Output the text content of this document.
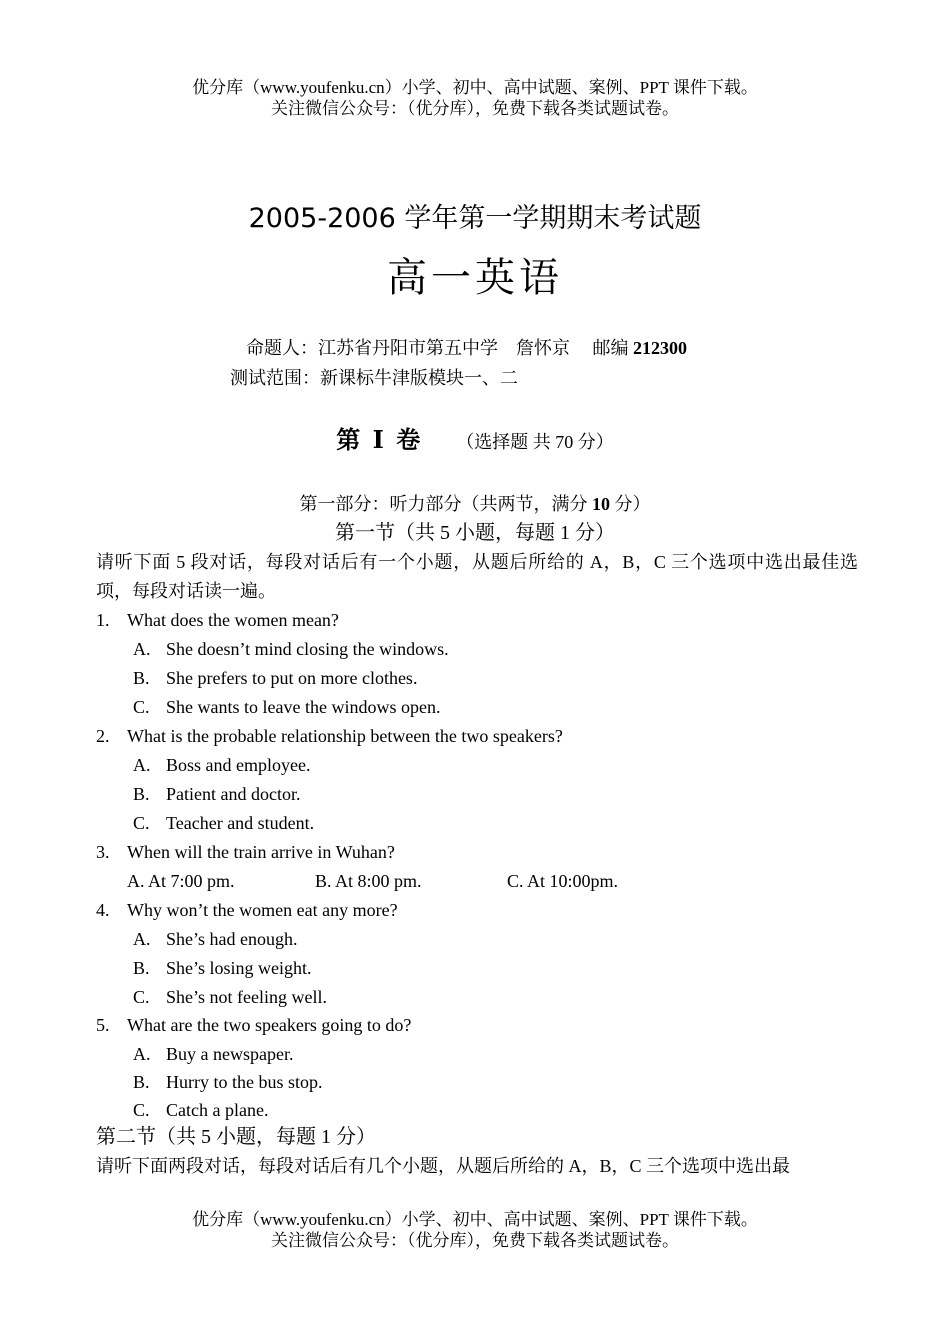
优分库（www.youfenku.cn）小学、初中、高中试题、案例、PPT 课件下载。
关注微信公众号：（优分库），免费下载各类试题试卷。
2005-2006 学年第一学期期末考试题
高一英语
命题人：江苏省丹阳市第五中学　詹怀京　 邮编 212300
测试范围：新课标牛津版模块一、二
第 I 卷 （选择题 共 70 分）
第一部分：听力部分（共两节，满分 10 分）
第一节（共 5 小题，每题 1 分）
请听下面 5 段对话，每段对话后有一个小题，从题后所给的 A，B，C 三个选项中选出最佳选项，每段对话读一遍。
1. What does the women mean?
A. She doesn’t mind closing the windows.
B. She prefers to put on more clothes.
C. She wants to leave the windows open.
2. What is the probable relationship between the two speakers?
A. Boss and employee.
B. Patient and doctor.
C. Teacher and student.
3. When will the train arrive in Wuhan?
A. At 7:00 pm.	B. At 8:00 pm.	C. At 10:00pm.
4. Why won’t the women eat any more?
A. She’s had enough.
B. She’s losing weight.
C. She’s not feeling well.
5. What are the two speakers going to do?
A. Buy a newspaper.
B. Hurry to the bus stop.
C. Catch a plane.
第二节（共 5 小题，每题 1 分）
请听下面两段对话，每段对话后有几个小题，从题后所给的 A，B，C 三个选项中选出最
优分库（www.youfenku.cn）小学、初中、高中试题、案例、PPT 课件下载。
关注微信公众号：（优分库），免费下载各类试题试卷。
